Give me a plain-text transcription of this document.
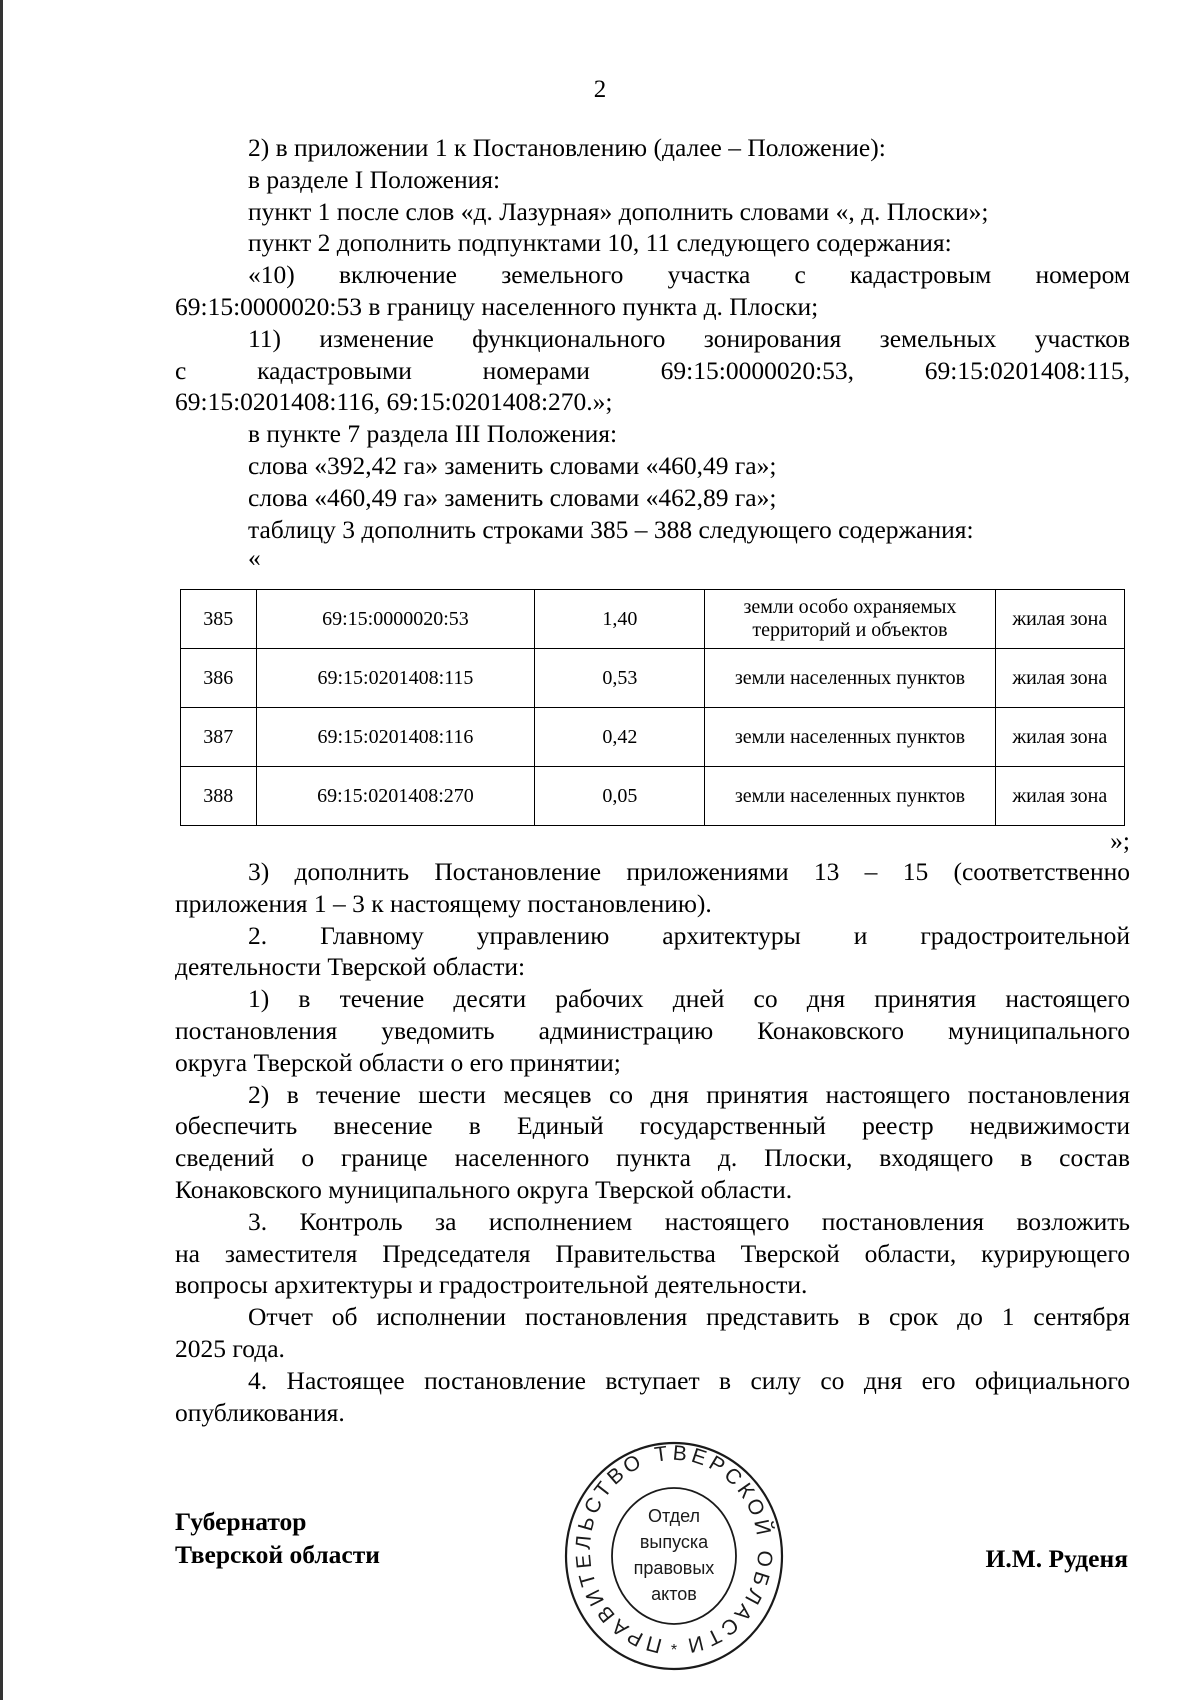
2
2) в приложении 1 к Постановлению (далее – Положение):
в разделе I Положения:
пункт 1 после слов «д. Лазурная» дополнить словами «, д. Плоски»;
пункт 2 дополнить подпунктами 10, 11 следующего содержания:
«10) включение земельного участка с кадастровым номером
69:15:0000020:53 в границу населенного пункта д. Плоски;
11) изменение функционального зонирования земельных участков
с кадастровыми номерами 69:15:0000020:53, 69:15:0201408:115,
69:15:0201408:116, 69:15:0201408:270.»;
в пункте 7 раздела III Положения:
слова «392,42 га» заменить словами «460,49 га»;
слова «460,49 га» заменить словами «462,89 га»;
таблицу 3 дополнить строками 385 – 388 следующего содержания:
«
385	69:15:0000020:53	1,40	земли особо охраняемых территорий и объектов	жилая зона
386	69:15:0201408:115	0,53	земли населенных пунктов	жилая зона
387	69:15:0201408:116	0,42	земли населенных пунктов	жилая зона
388	69:15:0201408:270	0,05	земли населенных пунктов	жилая зона
»;
3) дополнить Постановление приложениями 13 – 15 (соответственно
приложения 1 – 3 к настоящему постановлению).
2. Главному управлению архитектуры и градостроительной
деятельности Тверской области:
1) в течение десяти рабочих дней со дня принятия настоящего
постановления уведомить администрацию Конаковского муниципального
округа Тверской области о его принятии;
2) в течение шести месяцев со дня принятия настоящего постановления
обеспечить внесение в Единый государственный реестр недвижимости
сведений о границе населенного пункта д. Плоски, входящего в состав
Конаковского муниципального округа Тверской области.
3. Контроль за исполнением настоящего постановления возложить
на заместителя Председателя Правительства Тверской области, курирующего
вопросы архитектуры и градостроительной деятельности.
Отчет об исполнении постановления представить в срок до 1 сентября
2025 года.
4. Настоящее постановление вступает в силу со дня его официального
опубликования.
Губернатор
Тверской области	И.М. Руденя
ПРАВИТЕЛЬСТВО ТВЕРСКОЙ ОБЛАСТИ
Отдел
выпуска
правовых
актов
*
